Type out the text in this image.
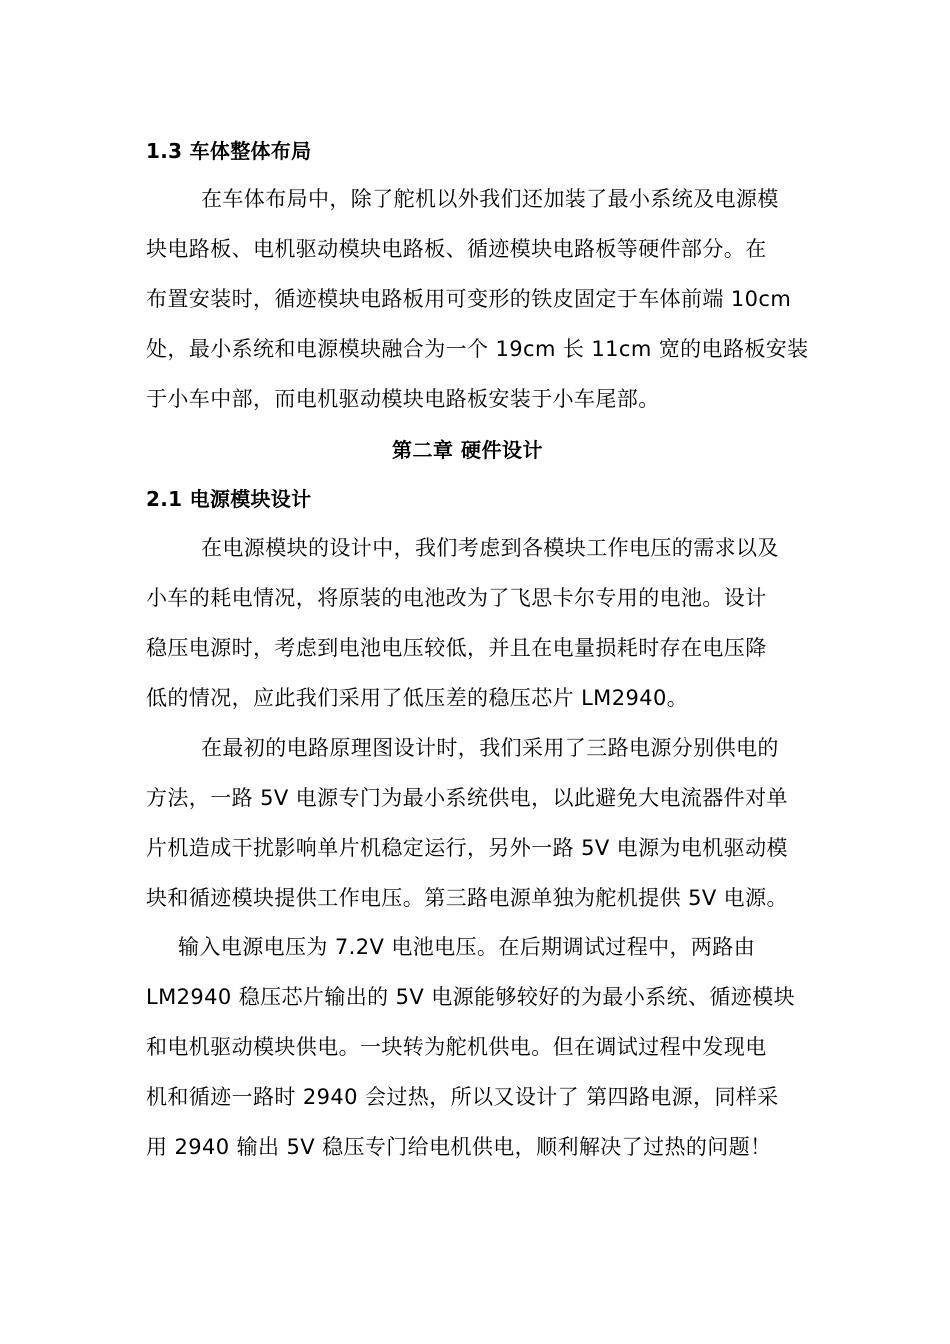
1.3 车体整体布局
在车体布局中，除了舵机以外我们还加装了最小系统及电源模
块电路板、电机驱动模块电路板、循迹模块电路板等硬件部分。在
布置安装时，循迹模块电路板用可变形的铁皮固定于车体前端 10cm
处，最小系统和电源模块融合为一个 19cm 长 11cm 宽的电路板安装
于小车中部，而电机驱动模块电路板安装于小车尾部。
第二章 硬件设计
2.1 电源模块设计
在电源模块的设计中，我们考虑到各模块工作电压的需求以及
小车的耗电情况，将原装的电池改为了飞思卡尔专用的电池。设计
稳压电源时，考虑到电池电压较低，并且在电量损耗时存在电压降
低的情况，应此我们采用了低压差的稳压芯片 LM2940。
在最初的电路原理图设计时，我们采用了三路电源分别供电的
方法，一路 5V 电源专门为最小系统供电，以此避免大电流器件对单
片机造成干扰影响单片机稳定运行，另外一路 5V 电源为电机驱动模
块和循迹模块提供工作电压。第三路电源单独为舵机提供 5V 电源。
输入电源电压为 7.2V 电池电压。在后期调试过程中，两路由
LM2940 稳压芯片输出的 5V 电源能够较好的为最小系统、循迹模块
和电机驱动模块供电。一块转为舵机供电。但在调试过程中发现电
机和循迹一路时 2940 会过热，所以又设计了 第四路电源，同样采
用 2940 输出 5V 稳压专门给电机供电，顺利解决了过热的问题！
